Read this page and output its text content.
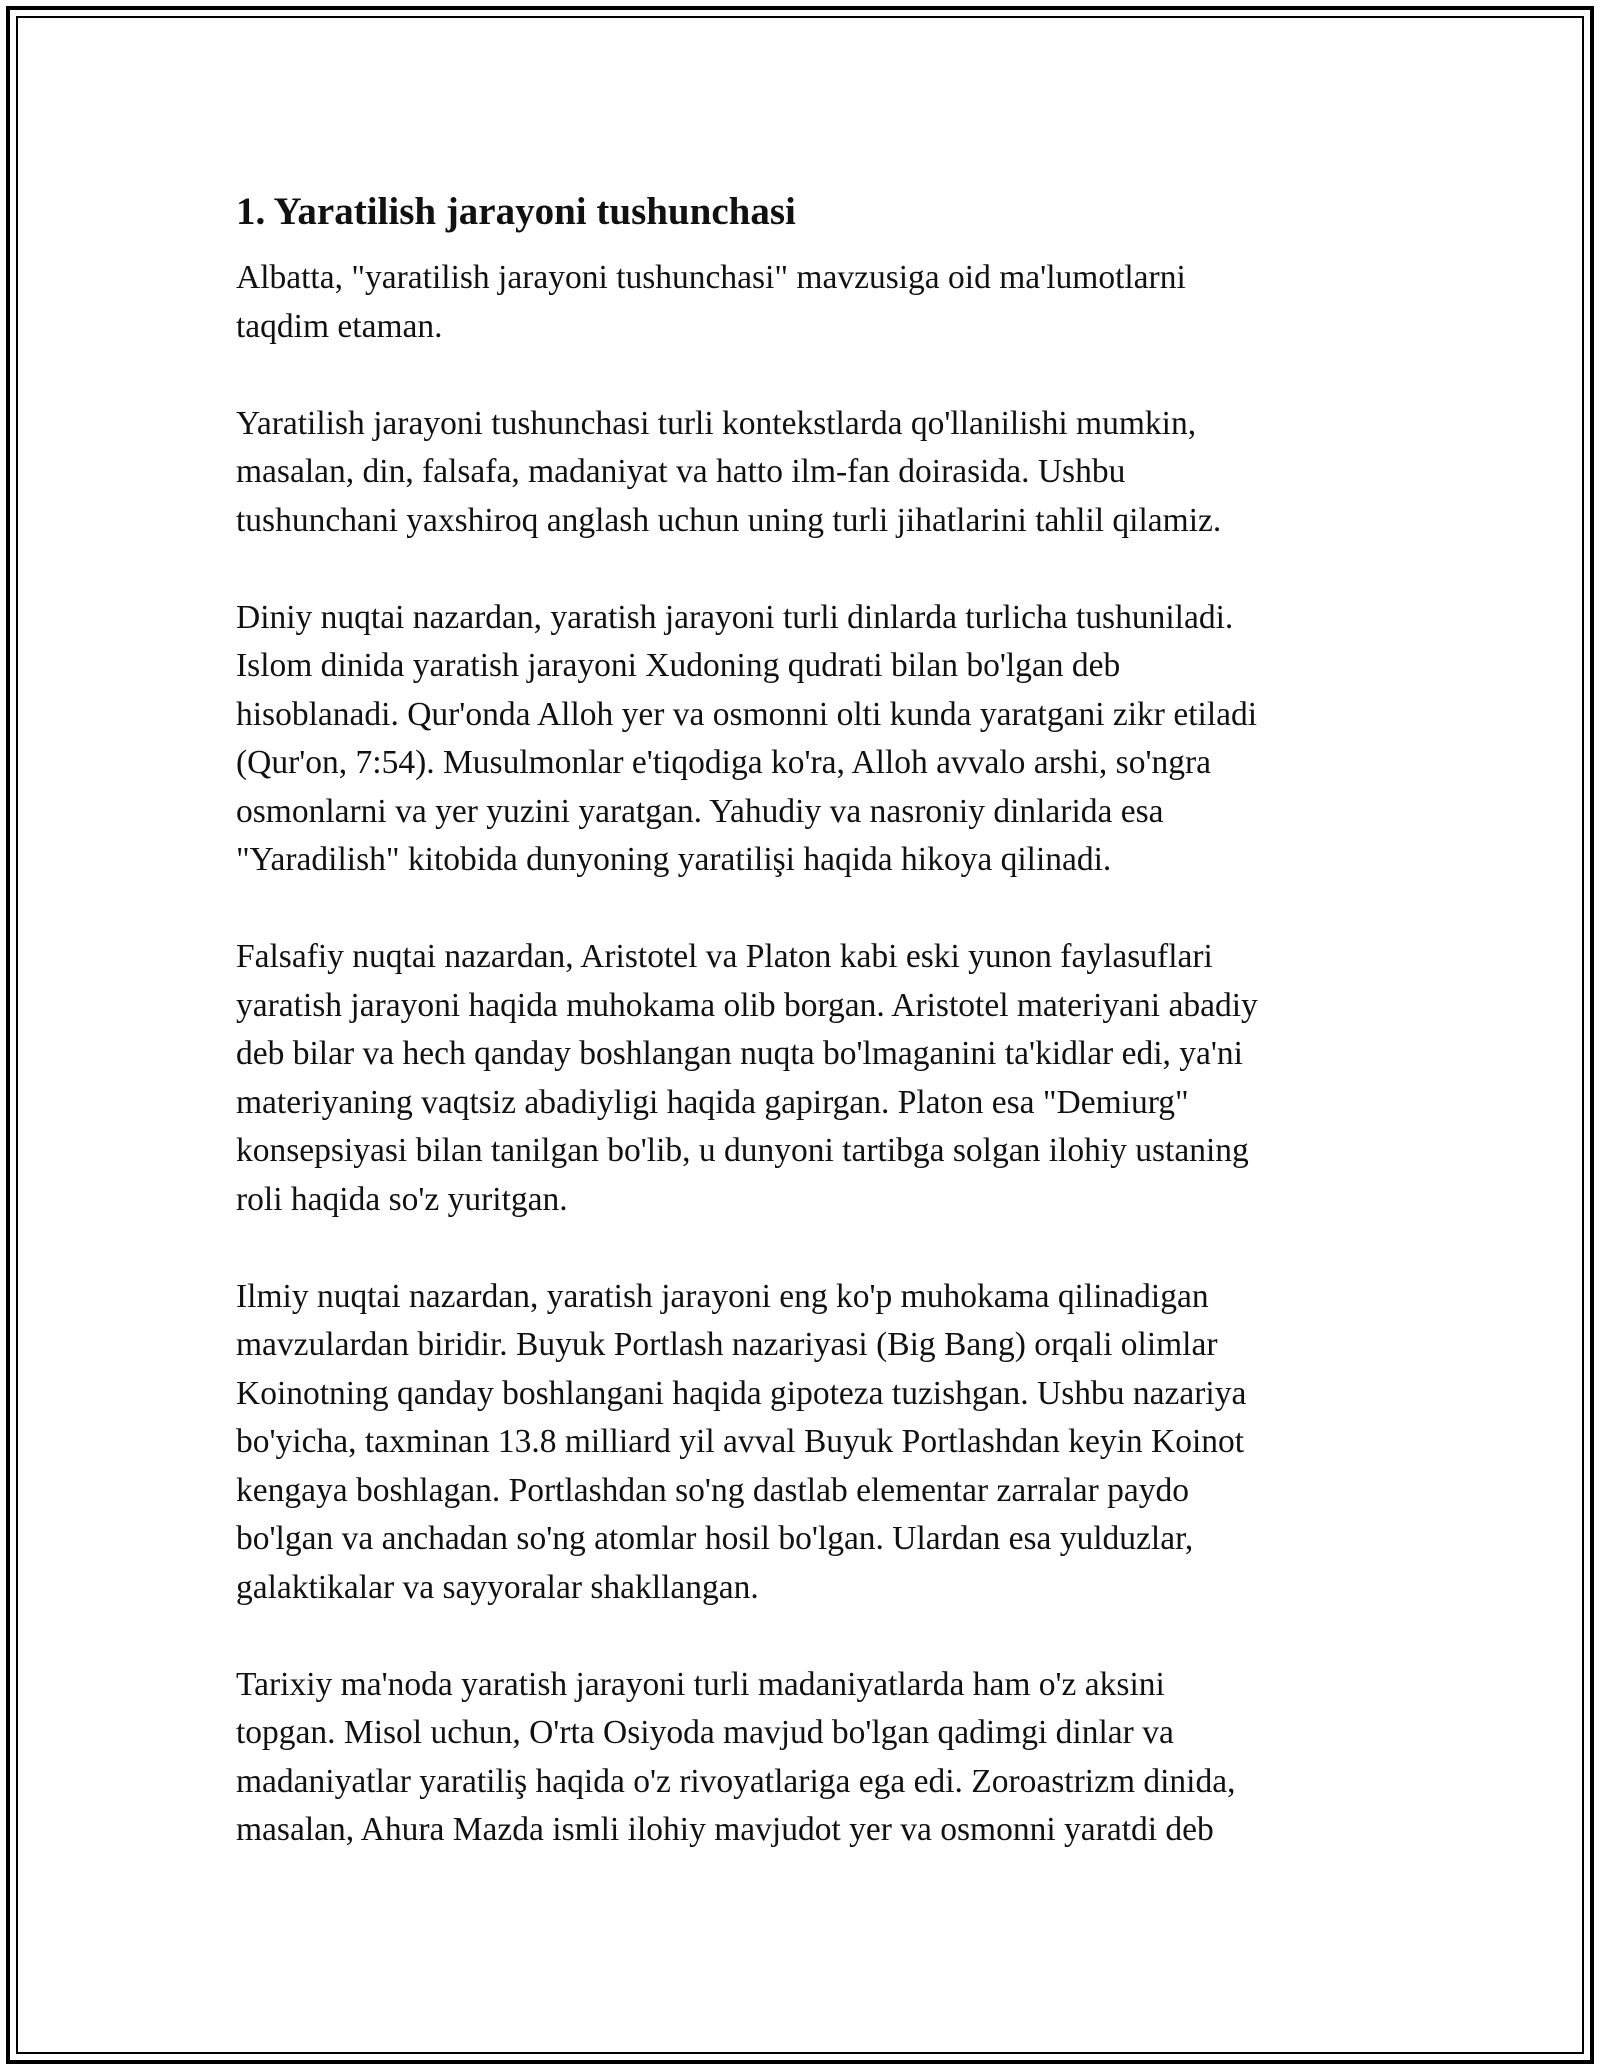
1. Yaratilish jarayoni tushunchasi
Albatta, "yaratilish jarayoni tushunchasi" mavzusiga oid ma'lumotlarni
taqdim etaman.
Yaratilish jarayoni tushunchasi turli kontekstlarda qo'llanilishi mumkin,
masalan, din, falsafa, madaniyat va hatto ilm-fan doirasida. Ushbu
tushunchani yaxshiroq anglash uchun uning turli jihatlarini tahlil qilamiz.
Diniy nuqtai nazardan, yaratish jarayoni turli dinlarda turlicha tushuniladi.
Islom dinida yaratish jarayoni Xudoning qudrati bilan bo'lgan deb
hisoblanadi. Qur'onda Alloh yer va osmonni olti kunda yaratgani zikr etiladi
(Qur'on, 7:54). Musulmonlar e'tiqodiga ko'ra, Alloh avvalo arshi, so'ngra
osmonlarni va yer yuzini yaratgan. Yahudiy va nasroniy dinlarida esa
"Yaradilish" kitobida dunyoning yaratilişi haqida hikoya qilinadi.
Falsafiy nuqtai nazardan, Aristotel va Platon kabi eski yunon faylasuflari
yaratish jarayoni haqida muhokama olib borgan. Aristotel materiyani abadiy
deb bilar va hech qanday boshlangan nuqta bo'lmaganini ta'kidlar edi, ya'ni
materiyaning vaqtsiz abadiyligi haqida gapirgan. Platon esa "Demiurg"
konsepsiyasi bilan tanilgan bo'lib, u dunyoni tartibga solgan ilohiy ustaning
roli haqida so'z yuritgan.
Ilmiy nuqtai nazardan, yaratish jarayoni eng ko'p muhokama qilinadigan
mavzulardan biridir. Buyuk Portlash nazariyasi (Big Bang) orqali olimlar
Koinotning qanday boshlangani haqida gipoteza tuzishgan. Ushbu nazariya
bo'yicha, taxminan 13.8 milliard yil avval Buyuk Portlashdan keyin Koinot
kengaya boshlagan. Portlashdan so'ng dastlab elementar zarralar paydo
bo'lgan va anchadan so'ng atomlar hosil bo'lgan. Ulardan esa yulduzlar,
galaktikalar va sayyoralar shakllangan.
Tarixiy ma'noda yaratish jarayoni turli madaniyatlarda ham o'z aksini
topgan. Misol uchun, O'rta Osiyoda mavjud bo'lgan qadimgi dinlar va
madaniyatlar yaratiliş haqida o'z rivoyatlariga ega edi. Zoroastrizm dinida,
masalan, Ahura Mazda ismli ilohiy mavjudot yer va osmonni yaratdi deb
